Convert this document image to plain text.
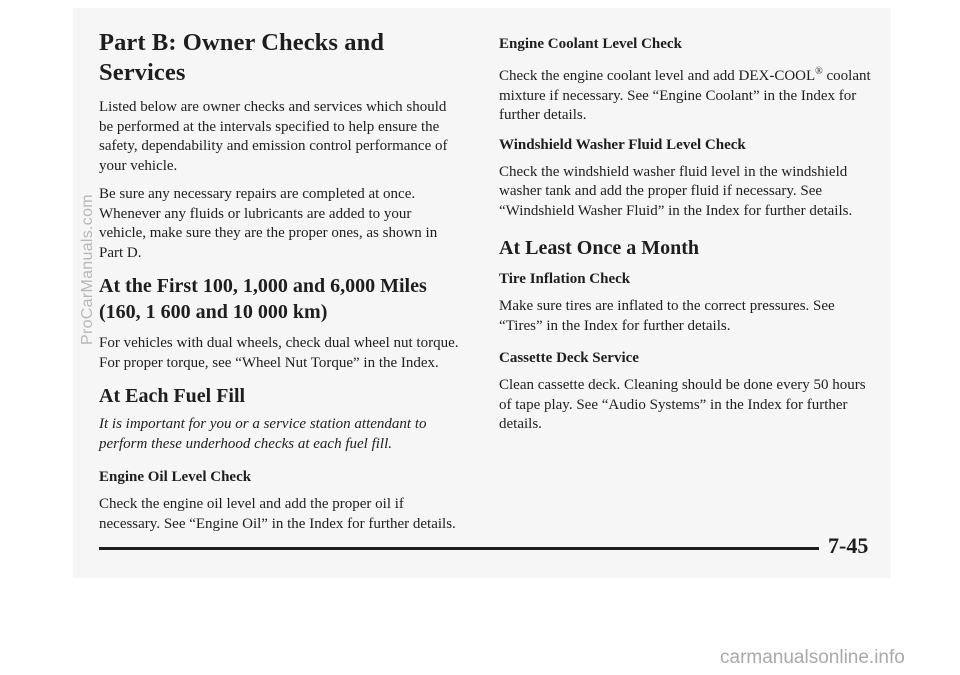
ProCarManuals.com
Part B: Owner Checks and Services

Listed below are owner checks and services which should be performed at the intervals specified to help ensure the safety, dependability and emission control performance of your vehicle.

Be sure any necessary repairs are completed at once. Whenever any fluids or lubricants are added to your vehicle, make sure they are the proper ones, as shown in Part D.

At the First 100, 1,000 and 6,000 Miles
(160, 1 600 and 10 000 km)

For vehicles with dual wheels, check dual wheel nut torque. For proper torque, see “Wheel Nut Torque” in the Index.

At Each Fuel Fill

It is important for you or a service station attendant to perform these underhood checks at each fuel fill.

Engine Oil Level Check

Check the engine oil level and add the proper oil if necessary. See “Engine Oil” in the Index for further details.

Engine Coolant Level Check

Check the engine coolant level and add DEX-COOL® coolant mixture if necessary. See “Engine Coolant” in the Index for further details.

Windshield Washer Fluid Level Check

Check the windshield washer fluid level in the windshield washer tank and add the proper fluid if necessary. See “Windshield Washer Fluid” in the Index for further details.

At Least Once a Month
Tire Inflation Check

Make sure tires are inflated to the correct pressures. See “Tires” in the Index for further details.

Cassette Deck Service

Clean cassette deck. Cleaning should be done every 50 hours of tape play. See “Audio Systems” in the Index for further details.

7-45
carmanualsonline.info
